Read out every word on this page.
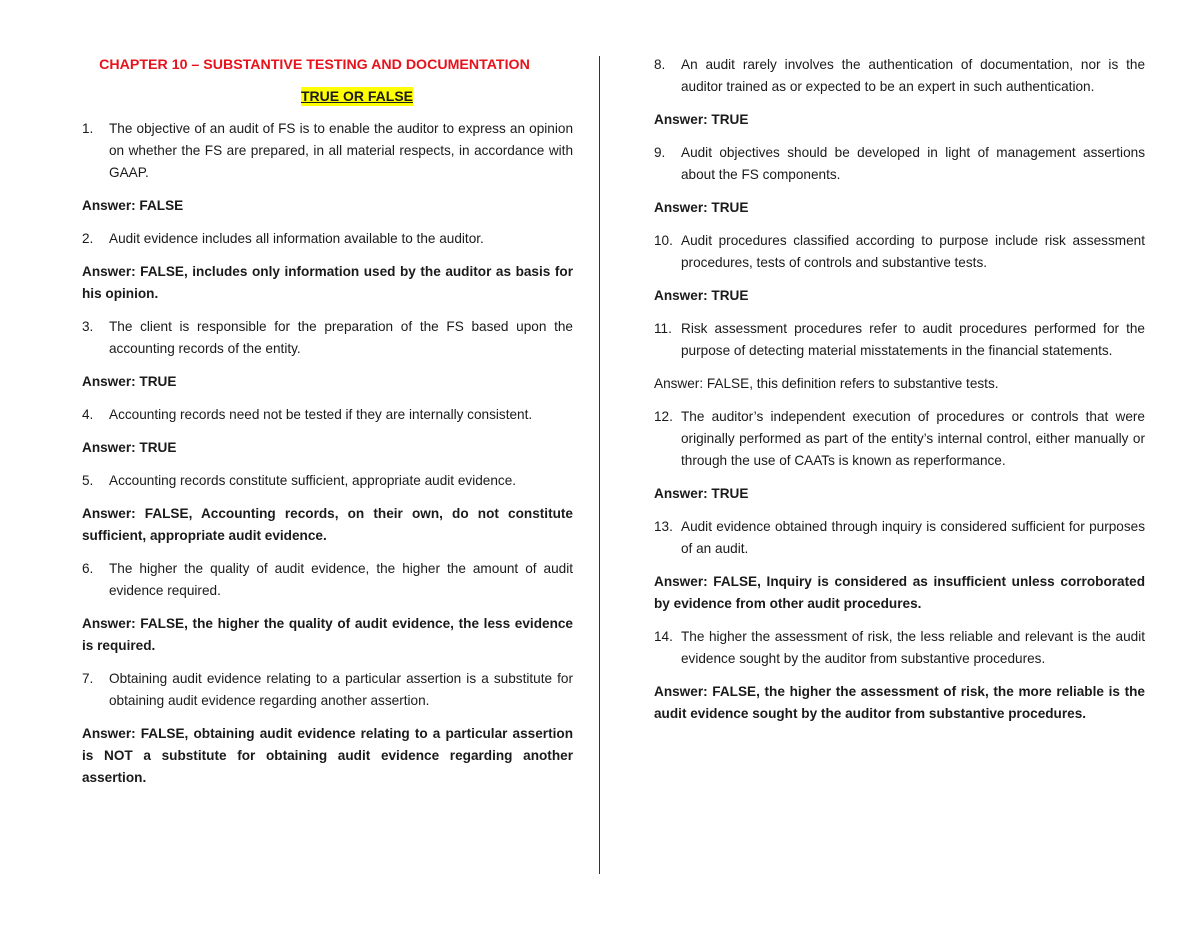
CHAPTER 10 – SUBSTANTIVE TESTING AND DOCUMENTATION
TRUE OR FALSE
1.	The objective of an audit of FS is to enable the auditor to express an opinion on whether the FS are prepared, in all material respects, in accordance with GAAP.
Answer: FALSE
2.	Audit evidence includes all information available to the auditor.
Answer: FALSE, includes only information used by the auditor as basis for his opinion.
3.	The client is responsible for the preparation of the FS based upon the accounting records of the entity.
Answer: TRUE
4.	Accounting records need not be tested if they are internally consistent.
Answer: TRUE
5.	Accounting records constitute sufficient, appropriate audit evidence.
Answer: FALSE, Accounting records, on their own, do not constitute sufficient, appropriate audit evidence.
6.	The higher the quality of audit evidence, the higher the amount of audit evidence required.
Answer: FALSE, the higher the quality of audit evidence, the less evidence is required.
7.	Obtaining audit evidence relating to a particular assertion is a substitute for obtaining audit evidence regarding another assertion.
Answer: FALSE, obtaining audit evidence relating to a particular assertion is NOT a substitute for obtaining audit evidence regarding another assertion.
8.	An audit rarely involves the authentication of documentation, nor is the auditor trained as or expected to be an expert in such authentication.
Answer: TRUE
9.	Audit objectives should be developed in light of management assertions about the FS components.
Answer: TRUE
10. Audit procedures classified according to purpose include risk assessment procedures, tests of controls and substantive tests.
Answer: TRUE
11. Risk assessment procedures refer to audit procedures performed for the purpose of detecting material misstatements in the financial statements.
Answer: FALSE, this definition refers to substantive tests.
12. The auditor’s independent execution of procedures or controls that were originally performed as part of the entity’s internal control, either manually or through the use of CAATs is known as reperformance.
Answer: TRUE
13. Audit evidence obtained through inquiry is considered sufficient for purposes of an audit.
Answer: FALSE, Inquiry is considered as insufficient unless corroborated by evidence from other audit procedures.
14. The higher the assessment of risk, the less reliable and relevant is the audit evidence sought by the auditor from substantive procedures.
Answer: FALSE, the higher the assessment of risk, the more reliable is the audit evidence sought by the auditor from substantive procedures.
